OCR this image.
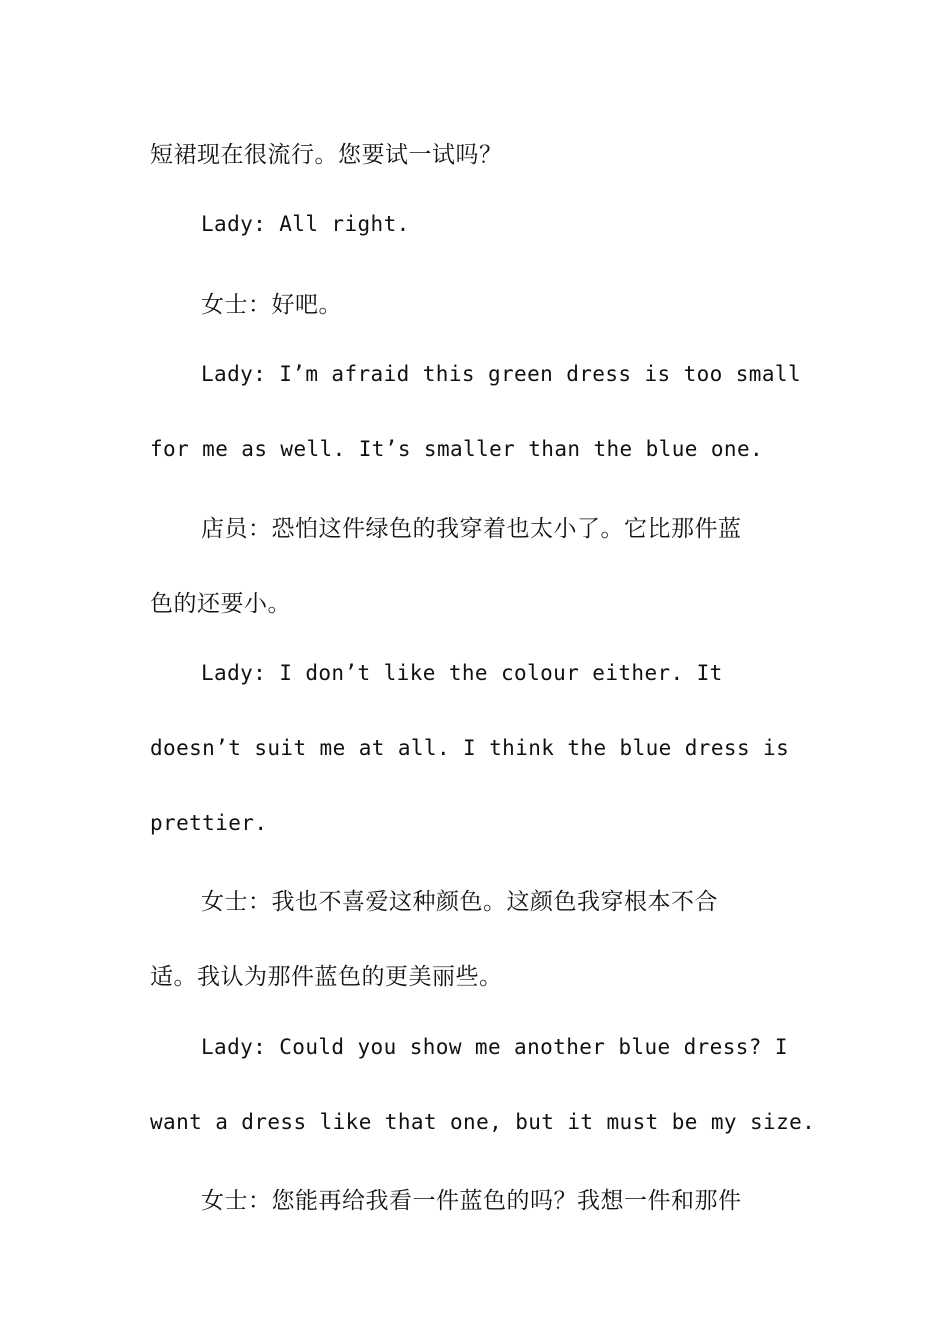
短裙现在很流行。您要试一试吗？
Lady: All right.
女士：好吧。
Lady: I’m afraid this green dress is too small
for me as well. It’s smaller than the blue one.
店员：恐怕这件绿色的我穿着也太小了。它比那件蓝
色的还要小。
Lady: I don’t like the colour either. It
doesn’t suit me at all. I think the blue dress is
prettier.
女士：我也不喜爱这种颜色。这颜色我穿根本不合
适。我认为那件蓝色的更美丽些。
Lady: Could you show me another blue dress? I
want a dress like that one, but it must be my size.
女士：您能再给我看一件蓝色的吗？我想一件和那件
